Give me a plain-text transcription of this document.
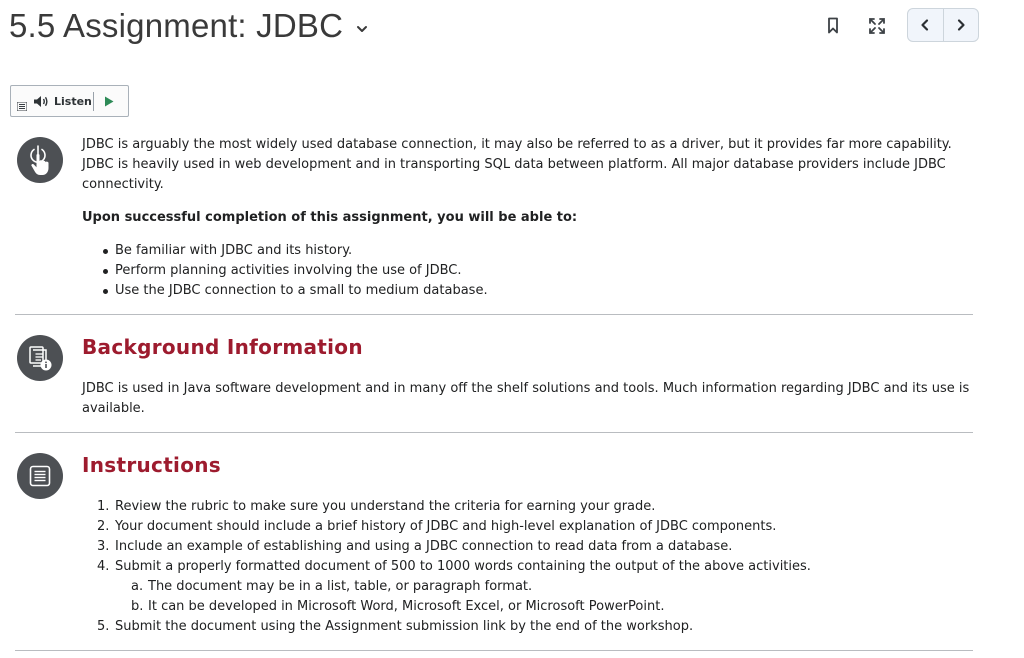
5.5 Assignment: JDBC
Listen

JDBC is arguably the most widely used database connection, it may also be referred to as a driver, but it provides far more capability. JDBC is heavily used in web development and in transporting SQL data between platform. All major database providers include JDBC connectivity.

Upon successful completion of this assignment, you will be able to:

Be familiar with JDBC and its history.
Perform planning activities involving the use of JDBC.
Use the JDBC connection to a small to medium database.
Background Information

JDBC is used in Java software development and in many off the shelf solutions and tools. Much information regarding JDBC and its use is available.

Instructions
1. Review the rubric to make sure you understand the criteria for earning your grade.
2. Your document should include a brief history of JDBC and high-level explanation of JDBC components.
3. Include an example of establishing and using a JDBC connection to read data from a database.
4. Submit a properly formatted document of 500 to 1000 words containing the output of the above activities.
a. The document may be in a list, table, or paragraph format.
b. It can be developed in Microsoft Word, Microsoft Excel, or Microsoft PowerPoint.
5. Submit the document using the Assignment submission link by the end of the workshop.
